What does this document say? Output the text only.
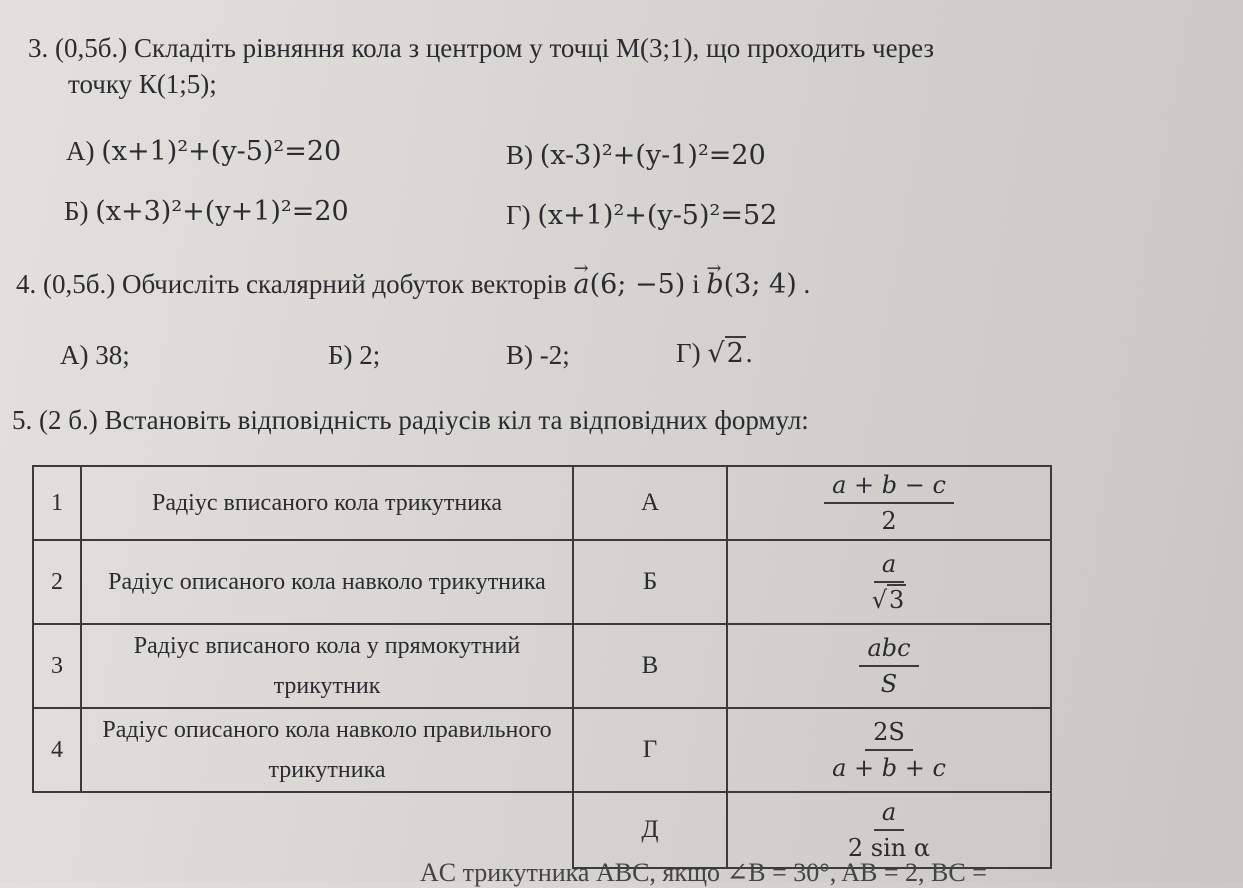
3. (0,5б.) Складіть рівняння кола з центром у точці М(3;1), що проходить через
точку К(1;5);
А) (x+1)²+(y-5)²=20	В) (x-3)²+(y-1)²=20
Б) (x+3)²+(y+1)²=20	Г) (x+1)²+(y-5)²=52
4. (0,5б.) Обчисліть скалярний добуток векторів → a(6; −5) і → b(3; 4) .
А) 38;	Б) 2;	В) -2;	Г) √2.
5. (2 б.) Встановіть відповідність радіусів кіл та відповідних формул:
1	Радіус вписаного кола трикутника	А	$\frac{a + b - c}{2}$

2	Радіус описаного кола навколо трикутника	Б	$\frac{a}{√3}$

3	Радіус вписаного кола у прямокутний трикутник	В	$\frac{\text{abc}}{S}$

4	Радіус описаного кола навколо правильного трикутника	Г	$\frac{2S}{a + b + c}$

		Д	$\frac{a}{\text{2 sin α}}$
AC трикутника ABC, якщо ∠B = 30°, AB = 2, BC =
